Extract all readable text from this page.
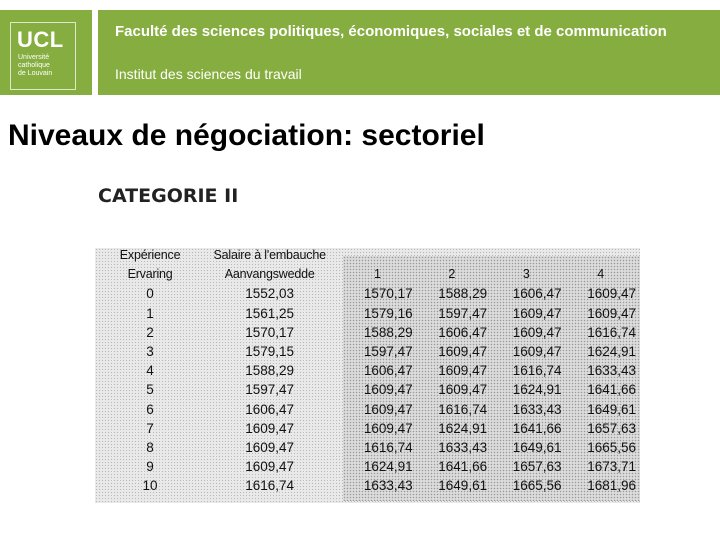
UCL
Université
catholique
de Louvain
Faculté des sciences politiques, économiques, sociales et de communication
Institut des sciences du travail
Niveaux de négociation: sectoriel
CATEGORIE II
Expérience	Salaire à l'embauche				
Ervaring	Aanvangswedde	1	2	3	4
0	1552,03	1570,17	1588,29	1606,47	1609,47
1	1561,25	1579,16	1597,47	1609,47	1609,47
2	1570,17	1588,29	1606,47	1609,47	1616,74
3	1579,15	1597,47	1609,47	1609,47	1624,91
4	1588,29	1606,47	1609,47	1616,74	1633,43
5	1597,47	1609,47	1609,47	1624,91	1641,66
6	1606,47	1609,47	1616,74	1633,43	1649,61
7	1609,47	1609,47	1624,91	1641,66	1657,63
8	1609,47	1616,74	1633,43	1649,61	1665,56
9	1609,47	1624,91	1641,66	1657,63	1673,71
10	1616,74	1633,43	1649,61	1665,56	1681,96
